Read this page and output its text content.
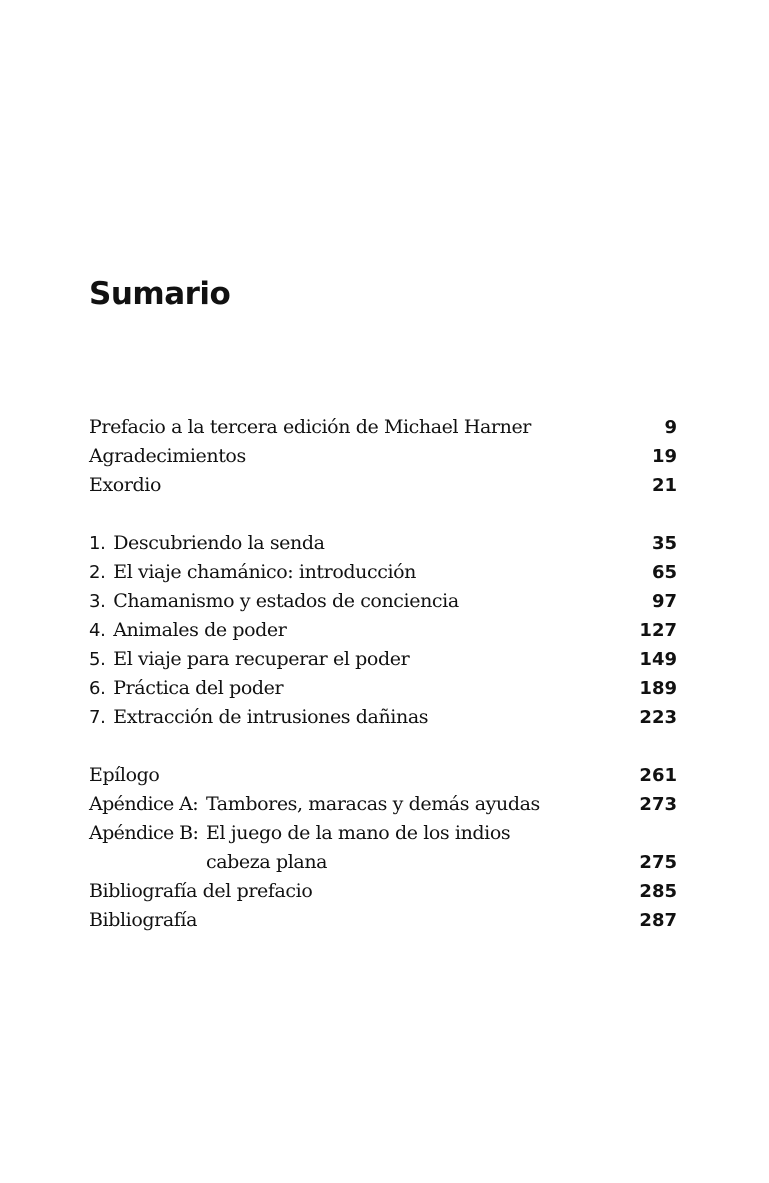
Sumario
Prefacio a la tercera edición de Michael Harner	9
Agradecimientos	19
Exordio	21
1. Descubriendo la senda	35
2. El viaje chamánico: introducción	65
3. Chamanismo y estados de conciencia	97
4. Animales de poder	127
5. El viaje para recuperar el poder	149
6. Práctica del poder	189
7. Extracción de intrusiones dañinas	223
Epílogo	261
Apéndice A: Tambores, maracas y demás ayudas	273
Apéndice B: El juego de la mano de los indios
cabeza plana	275
Bibliografía del prefacio	285
Bibliografía	287
